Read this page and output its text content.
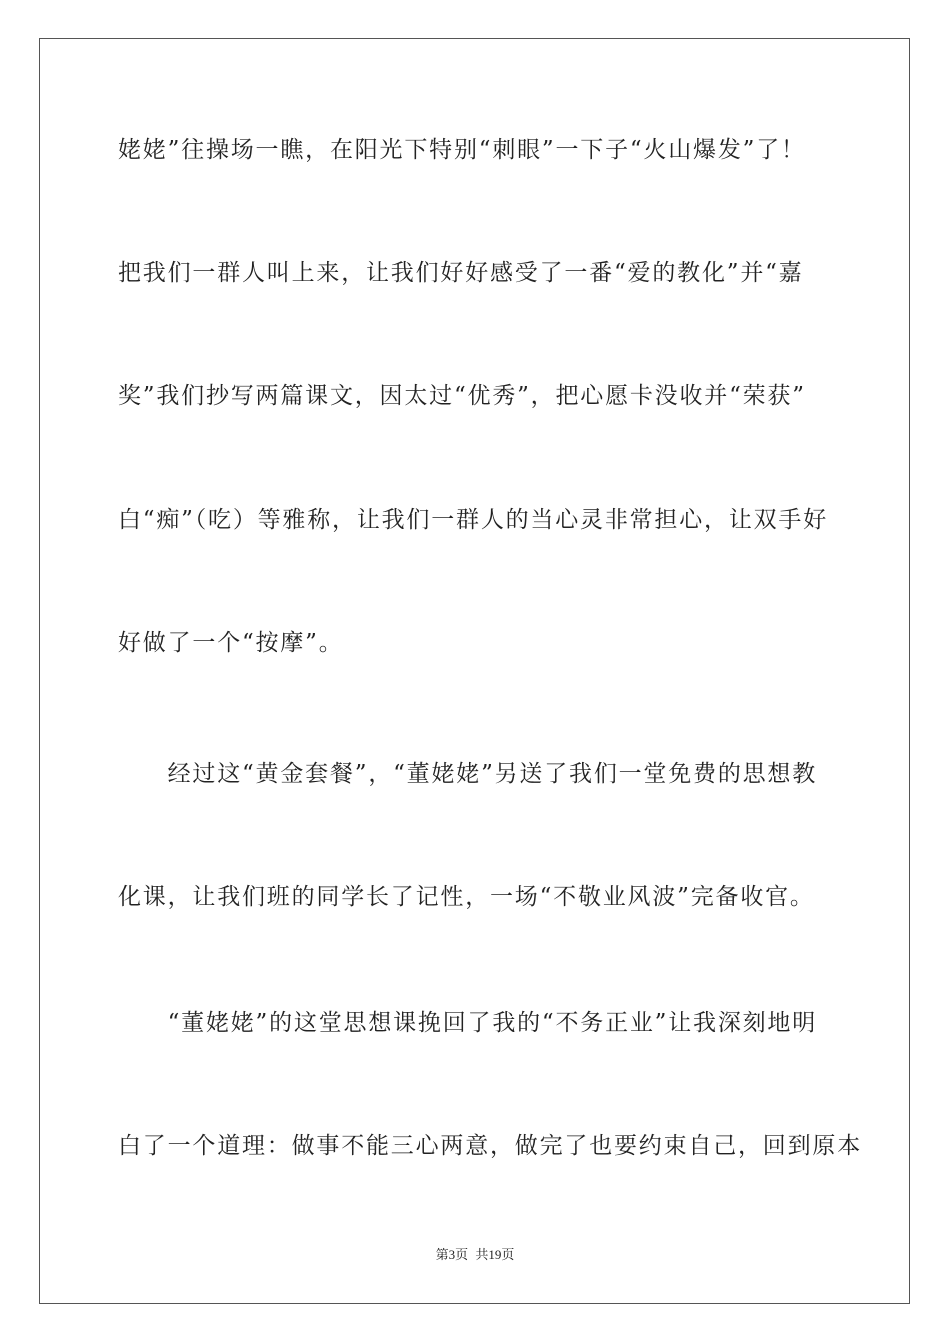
姥姥”往操场一瞧，在阳光下特别“刺眼”一下子“火山爆发”了！
把我们一群人叫上来，让我们好好感受了一番“爱的教化”并“嘉
奖”我们抄写两篇课文，因太过“优秀”，把心愿卡没收并“荣获”
白“痴”（吃）等雅称，让我们一群人的当心灵非常担心，让双手好
好做了一个“按摩”。
　　经过这“黄金套餐”，“董姥姥”另送了我们一堂免费的思想教
化课，让我们班的同学长了记性，一场“不敬业风波”完备收官。
　　“董姥姥”的这堂思想课挽回了我的“不务正业”让我深刻地明
白了一个道理：做事不能三心两意，做完了也要约束自己，回到原本
第3页 共19页
